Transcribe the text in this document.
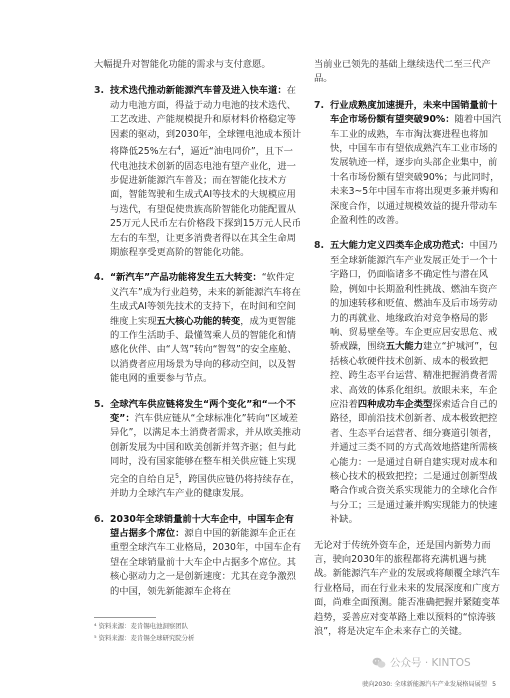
大幅提升对智能化功能的需求与支付意愿。

3. 技术迭代推动新能源汽车普及进入快车道：在动力电池方面，得益于动力电池的技术迭代、工艺改进、产能规模提升和原材料价格稳定等因素的驱动，到2030年，全球锂电池成本预计将降低25%左右$^4$，逼近“油电同价”，且下一代电池技术创新的固态电池有望产业化，进一步促进新能源汽车普及；而在智能化技术方面，智能驾驶和生成式AI等技术的大规模应用与迭代，有望促使贵族高阶智能化功能配置从25万元人民币左右价格段下探到15万元人民币左右的车型，让更多消费者得以在其全生命周期旅程享受更高阶的智能化功能。
4. “新汽车”产品功能将发生五大转变：“软件定义汽车”成为行业趋势，未来的新能源汽车将在生成式AI等领先技术的支持下，在时间和空间维度上实现五大核心功能的转变，成为更智能的工作生活助手、最懂驾乘人员的智能化和情感化伙伴、由“人驾”转向“智驾”的安全座舱、以消费者应用场景为导向的移动空间，以及智能电网的重要参与节点。
5. 全球汽车供应链将发生“两个变化”和“一个不变”：汽车供应链从“全球标准化”转向“区域差异化”，以满足本土消费者需求，并从欧美推动创新发展为中国和欧美创新并驾齐驱；但与此同时，没有国家能够在整车相关供应链上实现完全的自给自足$^5$，跨国供应链仍将持续存在，并助力全球汽车产业的健康发展。
6. 2030年全球销量前十大车企中，中国车企有望占据多个席位：源自中国的新能源车企正在重塑全球汽车工业格局，2030年，中国车企有望在全球销量前十大车企中占据多个席位。其核心驱动力之一是创新速度：尤其在竞争激烈的中国，领先新能源车企将在

当前业已领先的基础上继续迭代二至三代产品。

7. 行业成熟度加速提升，未来中国销量前十车企市场份额有望突破90%：随着中国汽车工业的成熟，车市淘汰赛进程也将加快，中国车市有望依成熟汽车工业市场的发展轨迹一样，逐步向头部企业集中，前十名市场份额有望突破90%；与此同时，未来3~5年中国车市将出现更多兼并购和深度合作，以通过规模效益的提升带动车企盈利性的改善。
8. 五大能力定义四类车企成功范式：中国乃至全球新能源汽车产业发展正处于一个十字路口，仍面临诸多不确定性与潜在风险，例如中长期盈利性挑战、燃油车资产的加速转移和贬值、燃油车及后市场劳动力的再就业、地缘政治对竞争格局的影响、贸易壁垒等。车企更应居安思危、戒骄戒躁，围绕五大能力建立“护城河”，包括核心软硬件技术创新、成本的极致把控、跨生态平台运营、精准把握消费者需求、高效的体系化组织。放眼未来，车企应沿着四种成功车企类型探索适合自己的路径，即前沿技术创新者、成本极致把控者、生态平台运营者、细分赛道引领者，并通过三类不同的方式高效地搭建所需核心能力：一是通过自研自建实现对成本和核心技术的极致把控；二是通过创新型战略合作或合资关系实现能力的全球化合作与分工；三是通过兼并购实现能力的快速补缺。

无论对于传统外资车企，还是国内新势力而言，驶向2030年的旅程都将充满机遇与挑战。新能源汽车产业的发展或将颠覆全球汽车行业格局，而在行业未来的发展深度和广度方面，尚难全面预测。能否准确把握并紧随变革趋势，妥善应对变革路上难以预料的“惊涛骇浪”，将是决定车企未来存亡的关键。

⁴ 资料来源：麦肯锡电池洞察团队
⁵ 资料来源：麦肯锡全球研究院分析
公众号 · KINTOS
驶向2030: 全球新能源汽车产业发展格局展望 5
